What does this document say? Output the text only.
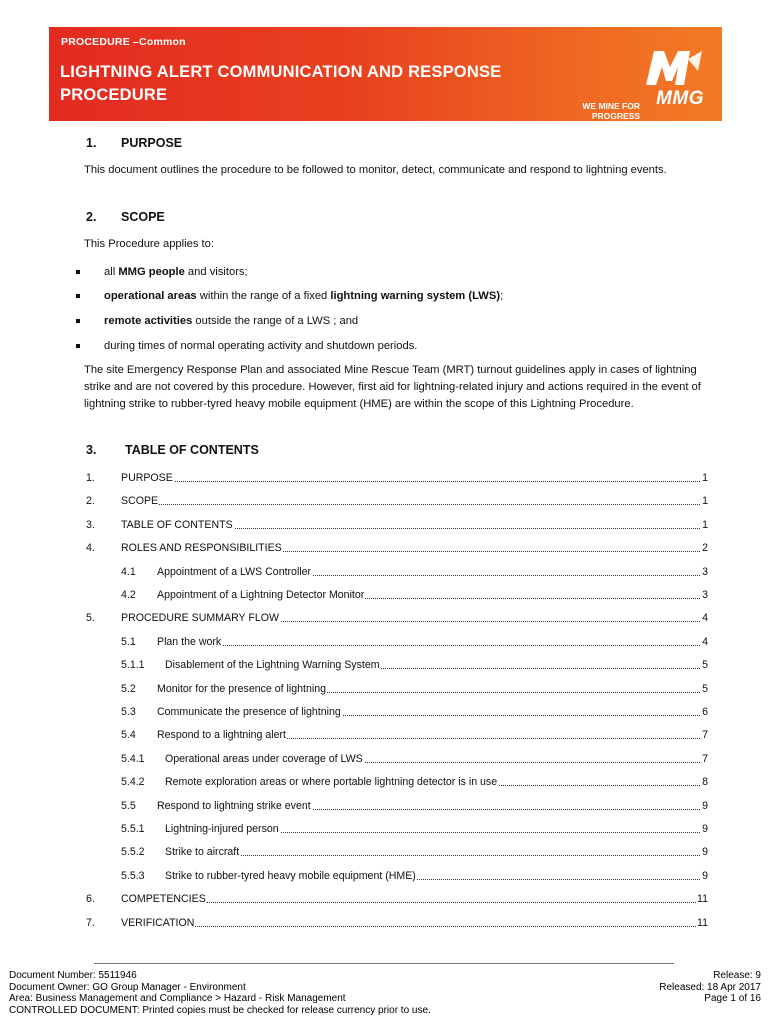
PROCEDURE –Common
LIGHTNING ALERT COMMUNICATION AND RESPONSE PROCEDURE
WE MINE FOR
PROGRESS
MMG
1. PURPOSE
This document outlines the procedure to be followed to monitor, detect, communicate and respond to lightning events.
2. SCOPE
This Procedure applies to:
all MMG people and visitors;
operational areas within the range of a fixed lightning warning system (LWS);
remote activities outside the range of a LWS ; and
during times of normal operating activity and shutdown periods.
The site Emergency Response Plan and associated Mine Rescue Team (MRT) turnout guidelines apply in cases of lightning strike and are not covered by this procedure. However, first aid for lightning-related injury and actions required in the event of lightning strike to rubber-tyred heavy mobile equipment (HME) are within the scope of this Lightning Procedure.
3. TABLE OF CONTENTS
1. PURPOSE	1
2. SCOPE	1
3. TABLE OF CONTENTS	1
4. ROLES AND RESPONSIBILITIES	2
4.1 Appointment of a LWS Controller	3
4.2 Appointment of a Lightning Detector Monitor	3
5. PROCEDURE SUMMARY FLOW	4
5.1 Plan the work	4
5.1.1 Disablement of the Lightning Warning System	5
5.2 Monitor for the presence of lightning	5
5.3 Communicate the presence of lightning	6
5.4 Respond to a lightning alert	7
5.4.1 Operational areas under coverage of LWS	7
5.4.2 Remote exploration areas or where portable lightning detector is in use	8
5.5 Respond to lightning strike event	9
5.5.1 Lightning-injured person	9
5.5.2 Strike to aircraft	9
5.5.3 Strike to rubber-tyred heavy mobile equipment (HME)	9
6. COMPETENCIES	11
7. VERIFICATION	11
Document Number: 5511946
Document Owner: GO Group Manager - Environment
Area: Business Management and Compliance > Hazard - Risk Management
CONTROLLED DOCUMENT: Printed copies must be checked for release currency prior to use.
Release: 9
Released: 18 Apr 2017
Page 1 of 16
